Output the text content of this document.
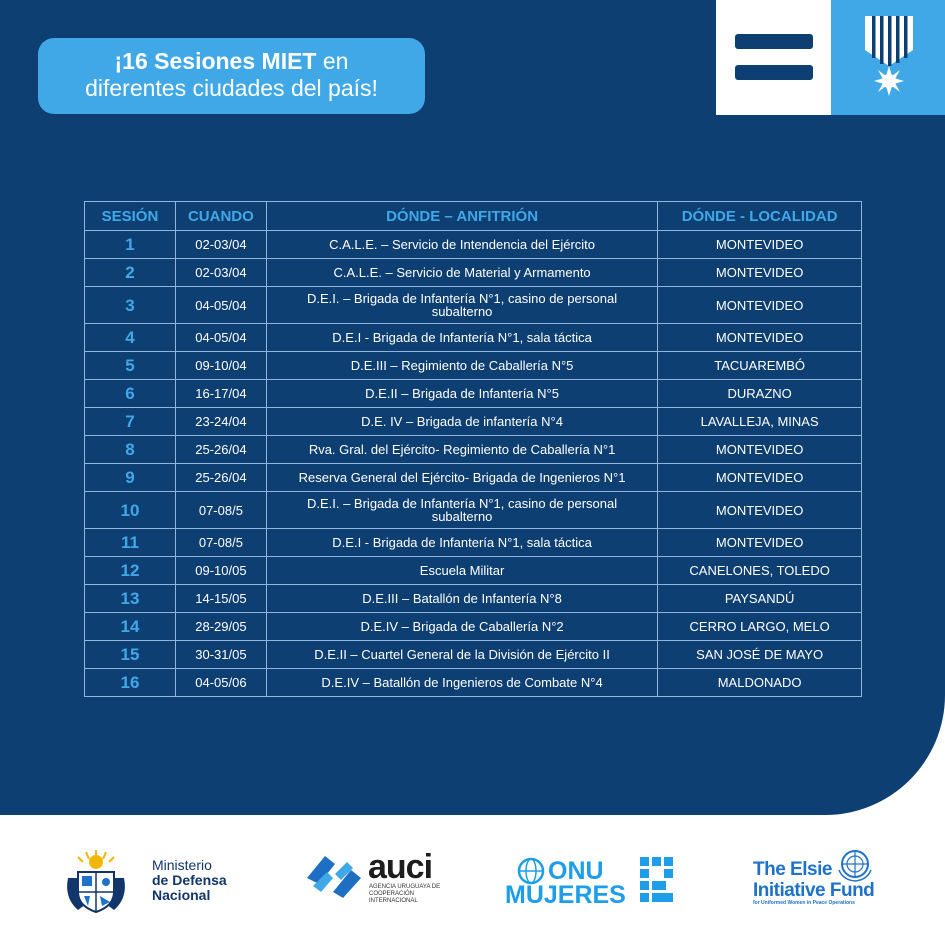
¡16 Sesiones MIET en
diferentes ciudades del país!
SESIÓN	CUANDO	DÓNDE – ANFITRIÓN	DÓNDE - LOCALIDAD
1	02-03/04	C.A.L.E. – Servicio de Intendencia del Ejército	MONTEVIDEO
2	02-03/04	C.A.L.E. – Servicio de Material y Armamento	MONTEVIDEO
3	04-05/04	D.E.I. – Brigada de Infantería N°1, casino de personal subalterno	MONTEVIDEO
4	04-05/04	D.E.I - Brigada de Infantería N°1, sala táctica	MONTEVIDEO
5	09-10/04	D.E.III – Regimiento de Caballería N°5	TACUAREMBÓ
6	16-17/04	D.E.II – Brigada de Infantería N°5	DURAZNO
7	23-24/04	D.E. IV – Brigada de infantería N°4	LAVALLEJA, MINAS
8	25-26/04	Rva. Gral. del Ejército- Regimiento de Caballería N°1	MONTEVIDEO
9	25-26/04	Reserva General del Ejército- Brigada de Ingenieros N°1	MONTEVIDEO
10	07-08/5	D.E.I. – Brigada de Infantería N°1, casino de personal subalterno	MONTEVIDEO
11	07-08/5	D.E.I - Brigada de Infantería N°1, sala táctica	MONTEVIDEO
12	09-10/05	Escuela Militar	CANELONES, TOLEDO
13	14-15/05	D.E.III – Batallón de Infantería N°8	PAYSANDÚ
14	28-29/05	D.E.IV – Brigada de Caballería N°2	CERRO LARGO, MELO
15	30-31/05	D.E.II – Cuartel General de la División de Ejército II	SAN JOSÉ DE MAYO
16	04-05/06	D.E.IV – Batallón de Ingenieros de Combate N°4	MALDONADO
Ministerio
de Defensa
Nacional
auci
AGENCIA URUGUAYA DE COOPERACIÓN INTERNACIONAL
ONU
MUJERES
The Elsie
Initiative Fund
for Uniformed Women in Peace Operations
